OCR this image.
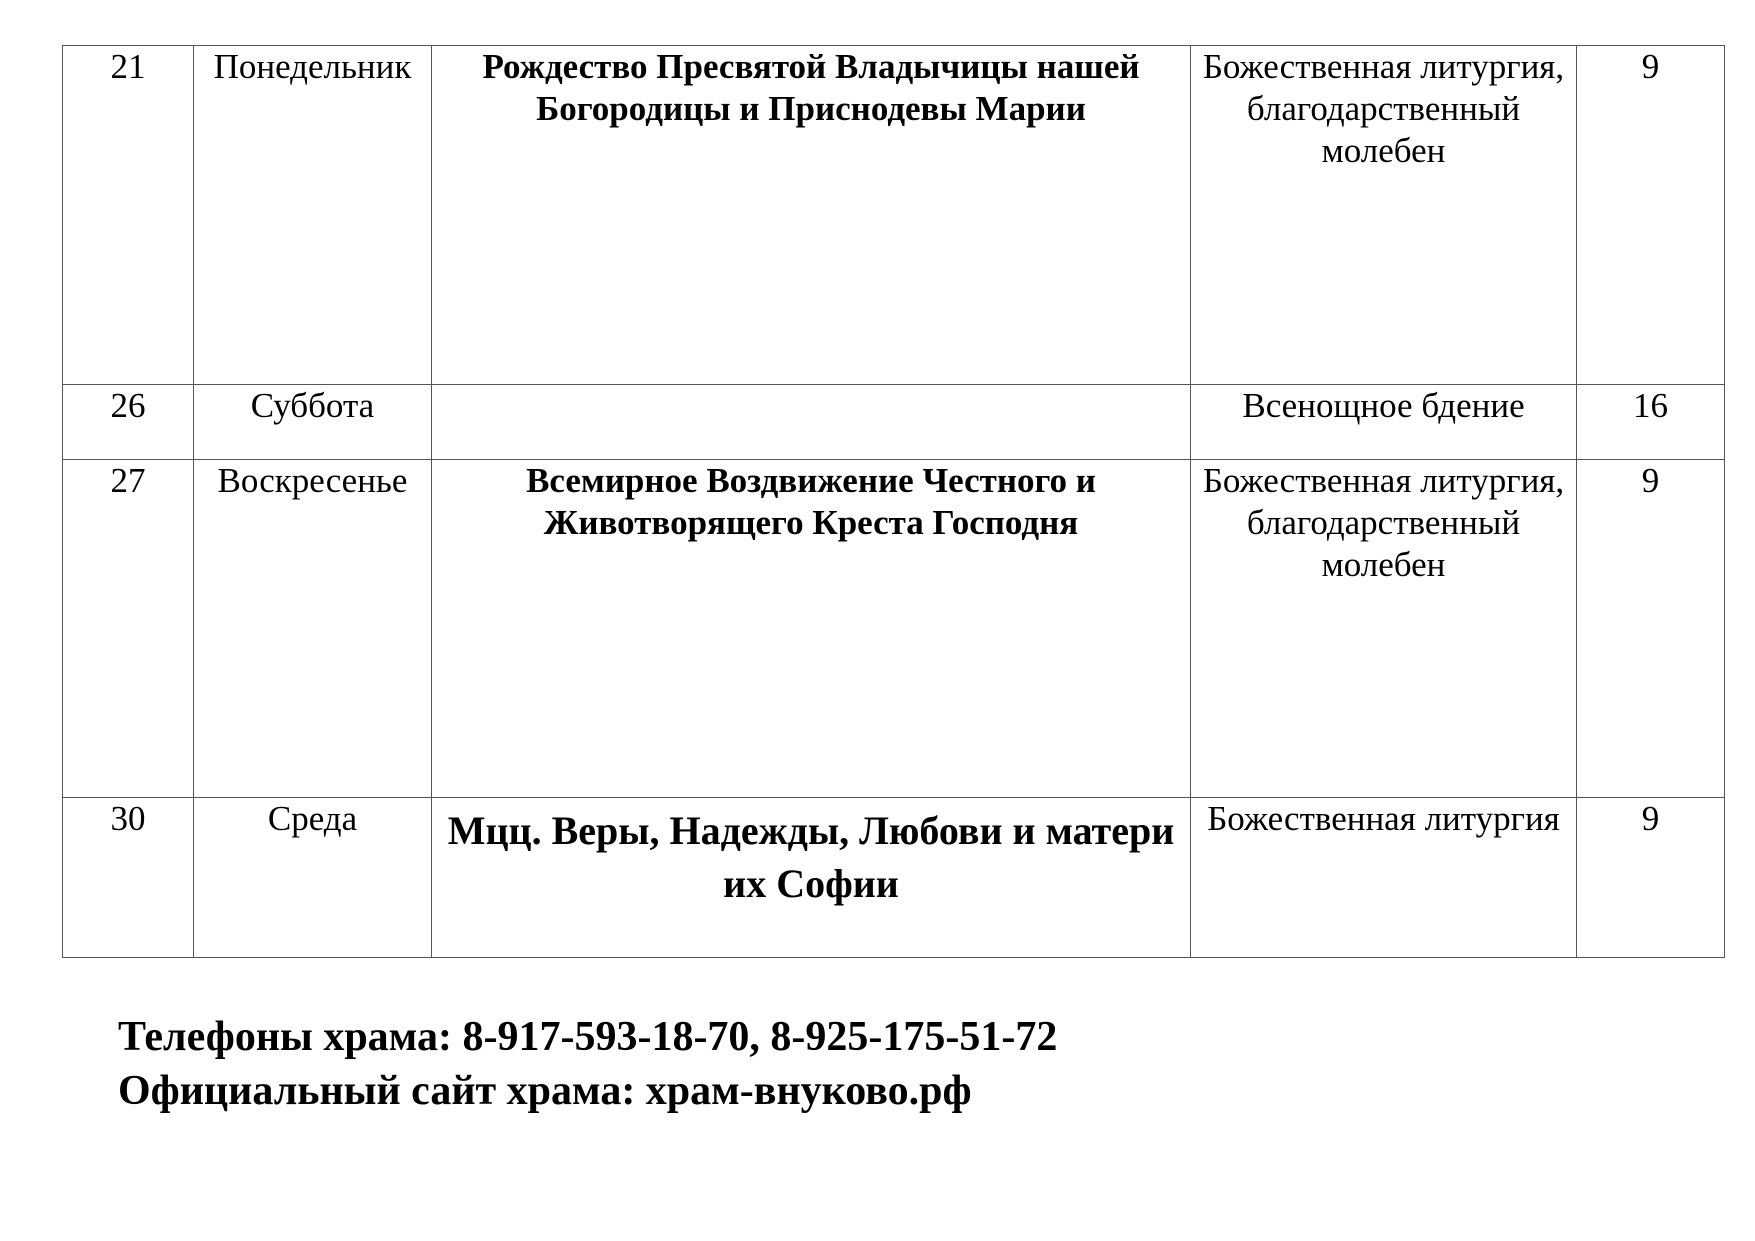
21	Понедельник	Рождество Пресвятой Владычицы нашей Богородицы и Приснодевы Марии	Божественная литургия, благодарственный молебен	9
26	Суббота		Всенощное бдение	16
27	Воскресенье	Всемирное Воздвижение Честного и Животворящего Креста Господня	Божественная литургия, благодарственный молебен	9
30	Среда	Мцц. Веры, Надежды, Любови и матери их Софии	Божественная литургия	9
Телефоны храма: 8-917-593-18-70, 8-925-175-51-72
Официальный сайт храма: храм-внуково.рф
